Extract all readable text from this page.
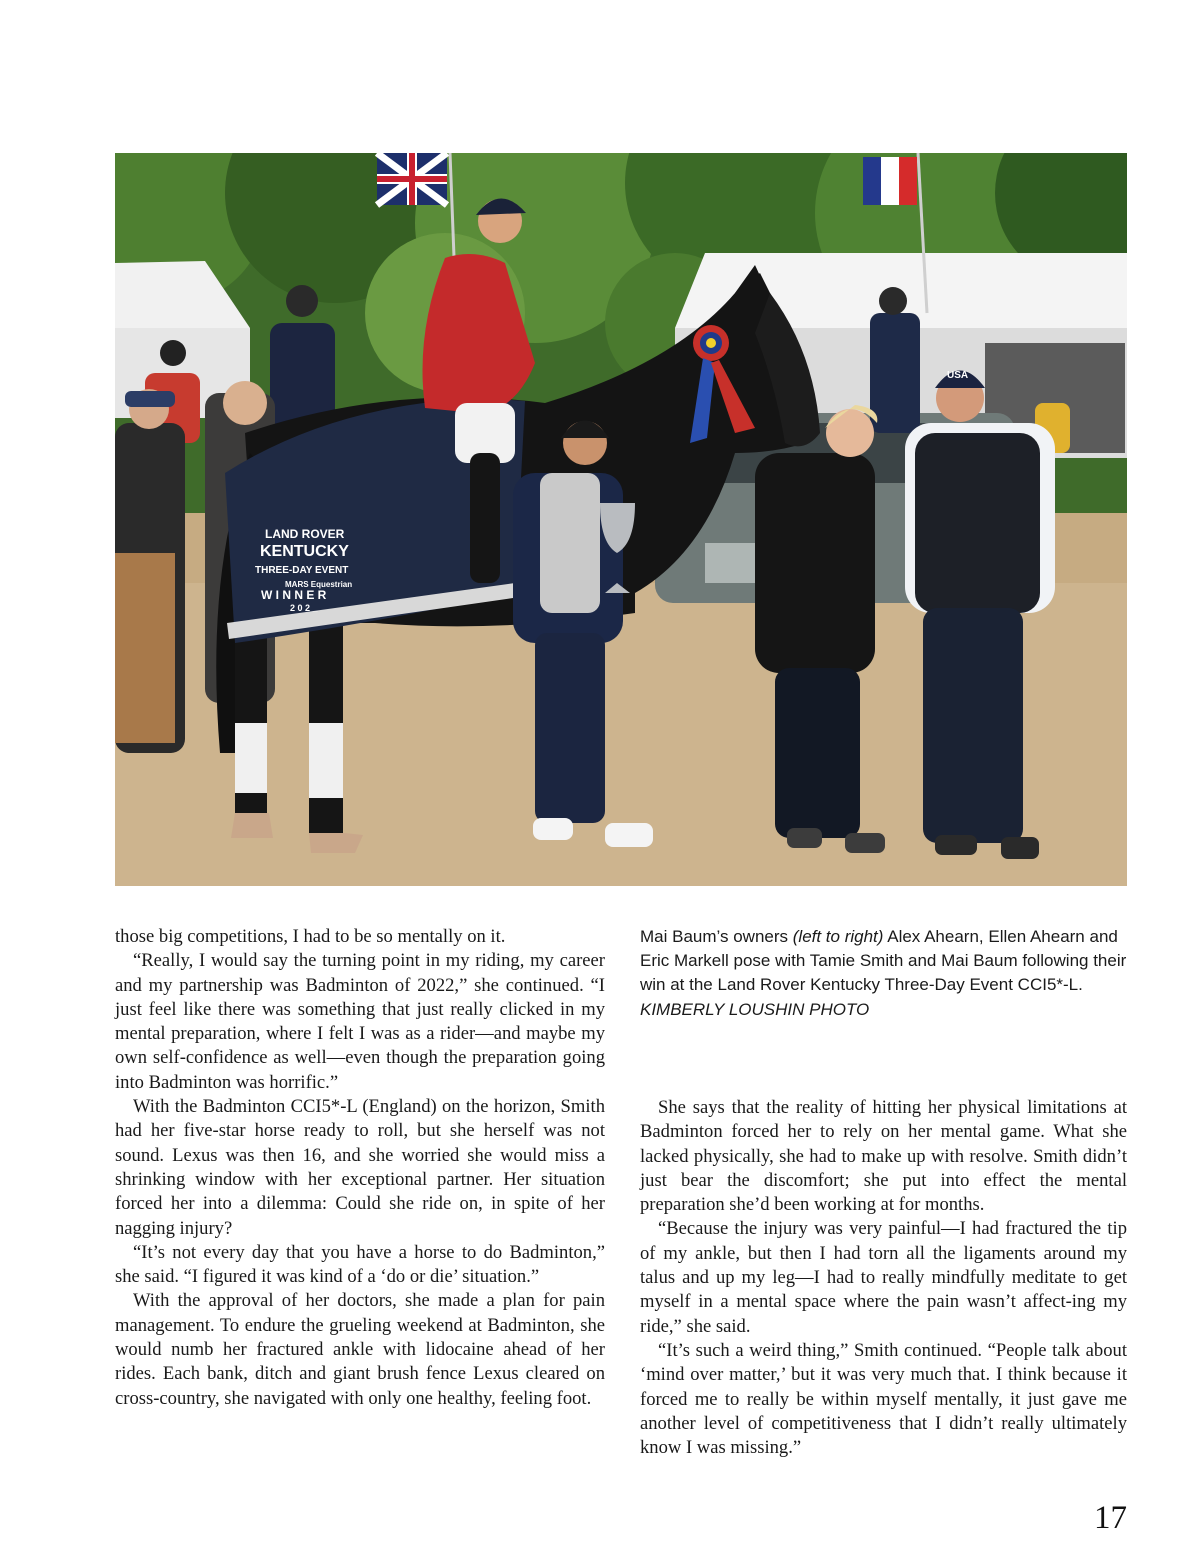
LAND ROVER
KENTUCKY
THREE-DAY EVENT
MARS Equestrian
W I N N E R
2 0 2 _
USA

those big competitions, I had to be so mentally on it.

“Really, I would say the turning point in my riding, my career and my partnership was Badminton of 2022,” she continued. “I just feel like there was something that just really clicked in my mental preparation, where I felt I was as a rider—and maybe my own self-confidence as well—even though the preparation going into Badminton was horrific.”

With the Badminton CCI5*-L (England) on the horizon, Smith had her five-star horse ready to roll, but she herself was not sound. Lexus was then 16, and she worried she would miss a shrinking window with her exceptional partner. Her situation forced her into a dilemma: Could she ride on, in spite of her nagging injury?

“It’s not every day that you have a horse to do Badminton,” she said. “I figured it was kind of a ‘do or die’ situation.”

With the approval of her doctors, she made a plan for pain management. To endure the grueling weekend at Badminton, she would numb her fractured ankle with lidocaine ahead of her rides. Each bank, ditch and giant brush fence Lexus cleared on cross-country, she navigated with only one healthy, feeling foot.

Mai Baum’s owners (left to right) Alex Ahearn, Ellen Ahearn and Eric Markell pose with Tamie Smith and Mai Baum following their win at the Land Rover Kentucky Three-Day Event CCI5*-L. KIMBERLY LOUSHIN PHOTO

She says that the reality of hitting her physical limitations at Badminton forced her to rely on her mental game. What she lacked physically, she had to make up with resolve. Smith didn’t just bear the discomfort; she put into effect the mental preparation she’d been working at for months.

“Because the injury was very painful—I had fractured the tip of my ankle, but then I had torn all the ligaments around my talus and up my leg—I had to really mindfully meditate to get myself in a mental space where the pain wasn’t affect-ing my ride,” she said.

“It’s such a weird thing,” Smith continued. “People talk about ‘mind over matter,’ but it was very much that. I think because it forced me to really be within myself mentally, it just gave me another level of competitiveness that I didn’t really ultimately know I was missing.”

17
